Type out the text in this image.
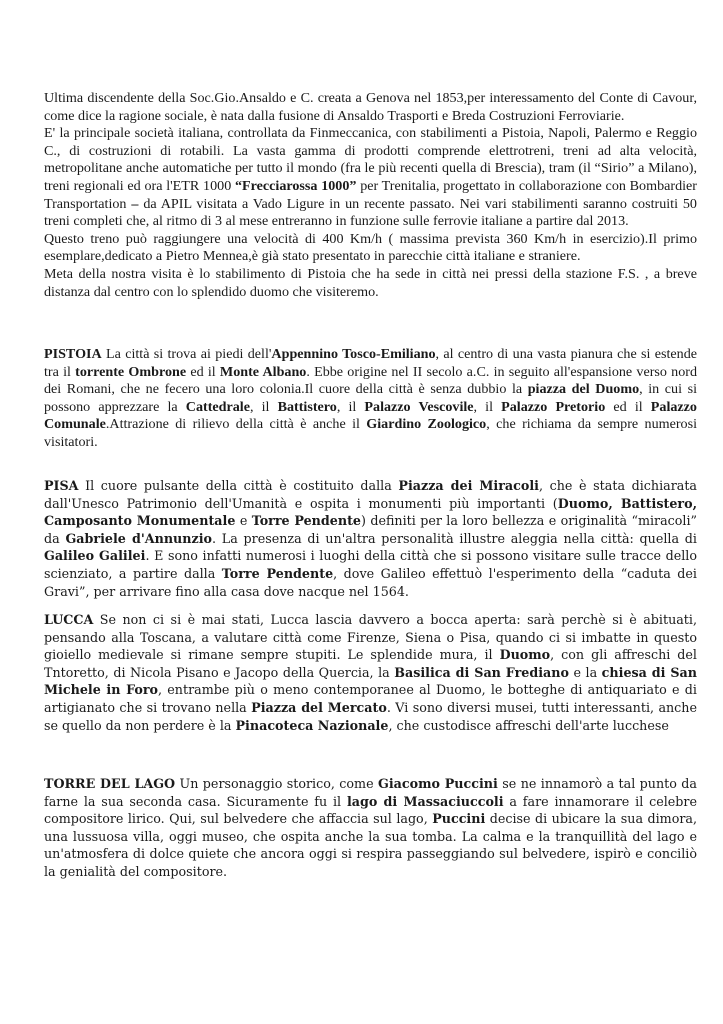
Ultima discendente della Soc.Gio.Ansaldo e C. creata a Genova nel 1853,per interessamento del Conte di Cavour, come dice la ragione sociale, è nata dalla fusione di Ansaldo Trasporti e Breda Costruzioni Ferroviarie.
E' la principale società italiana, controllata da Finmeccanica, con stabilimenti a Pistoia, Napoli, Palermo e Reggio C., di costruzioni di rotabili. La vasta gamma di prodotti comprende elettrotreni, treni ad alta velocità, metropolitane anche automatiche per tutto il mondo (fra le più recenti quella di Brescia), tram (il “Sirio” a Milano), treni regionali ed ora l'ETR 1000 “Frecciarossa 1000” per Trenitalia, progettato in collaborazione con Bombardier Transportation – da APIL visitata a Vado Ligure in un recente passato. Nei vari stabilimenti saranno costruiti 50 treni completi che, al ritmo di 3 al mese entreranno in funzione sulle ferrovie italiane a partire dal 2013.
Questo treno può raggiungere una velocità di 400 Km/h ( massima prevista 360 Km/h in esercizio).Il primo esemplare,dedicato a Pietro Mennea,è già stato presentato in parecchie città italiane e straniere.
Meta della nostra visita è lo stabilimento di Pistoia che ha sede in città nei pressi della stazione F.S. , a breve distanza dal centro con lo splendido duomo che visiteremo.

PISTOIA La città si trova ai piedi dell'Appennino Tosco-Emiliano, al centro di una vasta pianura che si estende tra il torrente Ombrone ed il Monte Albano. Ebbe origine nel II secolo a.C. in seguito all'espansione verso nord dei Romani, che ne fecero una loro colonia.Il cuore della città è senza dubbio la piazza del Duomo, in cui si possono apprezzare la Cattedrale, il Battistero, il Palazzo Vescovile, il Palazzo Pretorio ed il Palazzo Comunale.Attrazione di rilievo della città è anche il Giardino Zoologico, che richiama da sempre numerosi visitatori.

PISA Il cuore pulsante della città è costituito dalla Piazza dei Miracoli, che è stata dichiarata dall'Unesco Patrimonio dell'Umanità e ospita i monumenti più importanti (Duomo, Battistero, Camposanto Monumentale e Torre Pendente) definiti per la loro bellezza e originalità “miracoli” da Gabriele d'Annunzio. La presenza di un'altra personalità illustre aleggia nella città: quella di Galileo Galilei. E sono infatti numerosi i luoghi della città che si possono visitare sulle tracce dello scienziato, a partire dalla Torre Pendente, dove Galileo effettuò l'esperimento della “caduta dei Gravi”, per arrivare fino alla casa dove nacque nel 1564.

LUCCA Se non ci si è mai stati, Lucca lascia davvero a bocca aperta: sarà perchè si è abituati, pensando alla Toscana, a valutare città come Firenze, Siena o Pisa, quando ci si imbatte in questo gioiello medievale si rimane sempre stupiti. Le splendide mura, il Duomo, con gli affreschi del Tntoretto, di Nicola Pisano e Jacopo della Quercia, la Basilica di San Frediano e la chiesa di San Michele in Foro, entrambe più o meno contemporanee al Duomo, le botteghe di antiquariato e di artigianato che si trovano nella Piazza del Mercato. Vi sono diversi musei, tutti interessanti, anche se quello da non perdere è la Pinacoteca Nazionale, che custodisce affreschi dell'arte lucchese

TORRE DEL LAGO Un personaggio storico, come Giacomo Puccini se ne innamorò a tal punto da farne la sua seconda casa. Sicuramente fu il lago di Massaciuccoli a fare innamorare il celebre compositore lirico. Qui, sul belvedere che affaccia sul lago, Puccini decise di ubicare la sua dimora, una lussuosa villa, oggi museo, che ospita anche la sua tomba. La calma e la tranquillità del lago e un'atmosfera di dolce quiete che ancora oggi si respira passeggiando sul belvedere, ispirò e conciliò la genialità del compositore.
